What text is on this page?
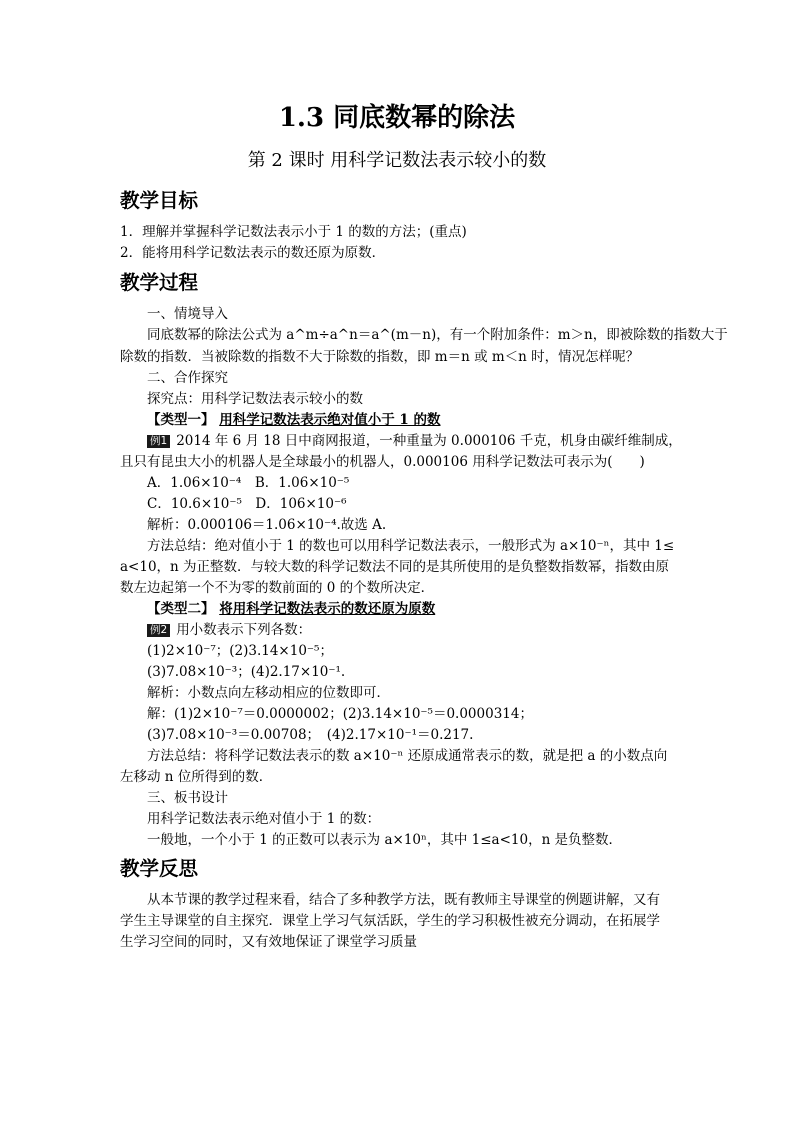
1.3 同底数幂的除法
第 2 课时 用科学记数法表示较小的数
教学目标
1．理解并掌握科学记数法表示小于 1 的数的方法；(重点)
2．能将用科学记数法表示的数还原为原数．
教学过程
一、情境导入
同底数幂的除法公式为 a^m÷a^n＝a^(m－n)，有一个附加条件：m＞n，即被除数的指数大于
除数的指数．当被除数的指数不大于除数的指数，即 m＝n 或 m＜n 时，情况怎样呢？
二、合作探究
探究点：用科学记数法表示较小的数
【类型一】 用科学记数法表示绝对值小于 1 的数
例1 2014 年 6 月 18 日中商网报道，一种重量为 0.000106 千克，机身由碳纤维制成，
且只有昆虫大小的机器人是全球最小的机器人，0.000106 用科学记数法可表示为(　　)
A．1.06×10⁻⁴　B．1.06×10⁻⁵
C．10.6×10⁻⁵　D．106×10⁻⁶
解析：0.000106＝1.06×10⁻⁴.故选 A.
方法总结：绝对值小于 1 的数也可以用科学记数法表示，一般形式为 a×10⁻ⁿ，其中 1≤
a<10，n 为正整数．与较大数的科学记数法不同的是其所使用的是负整数指数幂，指数由原
数左边起第一个不为零的数前面的 0 的个数所决定．
【类型二】 将用科学记数法表示的数还原为原数
例2 用小数表示下列各数：
(1)2×10⁻⁷；(2)3.14×10⁻⁵；
(3)7.08×10⁻³；(4)2.17×10⁻¹.
解析：小数点向左移动相应的位数即可．
解：(1)2×10⁻⁷＝0.0000002；(2)3.14×10⁻⁵＝0.0000314；
(3)7.08×10⁻³＝0.00708；　(4)2.17×10⁻¹＝0.217.
方法总结：将科学记数法表示的数 a×10⁻ⁿ 还原成通常表示的数，就是把 a 的小数点向
左移动 n 位所得到的数．
三、板书设计
用科学记数法表示绝对值小于 1 的数：
一般地，一个小于 1 的正数可以表示为 a×10ⁿ，其中 1≤a<10，n 是负整数．
教学反思
从本节课的教学过程来看，结合了多种教学方法，既有教师主导课堂的例题讲解，又有
学生主导课堂的自主探究．课堂上学习气氛活跃，学生的学习积极性被充分调动，在拓展学
生学习空间的同时，又有效地保证了课堂学习质量
